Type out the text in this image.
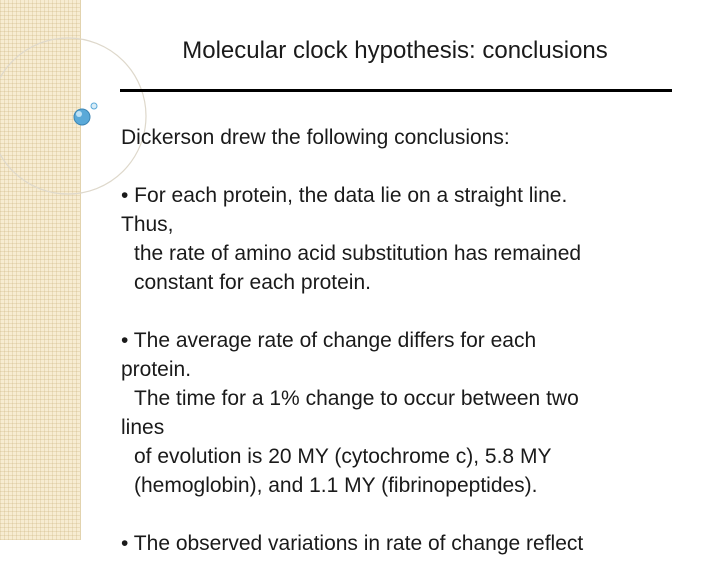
Molecular clock hypothesis: conclusions

Dickerson drew the following conclusions:

• For each protein, the data lie on a straight line.
Thus,
the rate of amino acid substitution has remained
constant for each protein.

• The average rate of change differs for each
protein.
The time for a 1% change to occur between two
lines
of evolution is 20 MY (cytochrome c), 5.8 MY
(hemoglobin), and 1.1 MY (fibrinopeptides).

• The observed variations in rate of change reflect
